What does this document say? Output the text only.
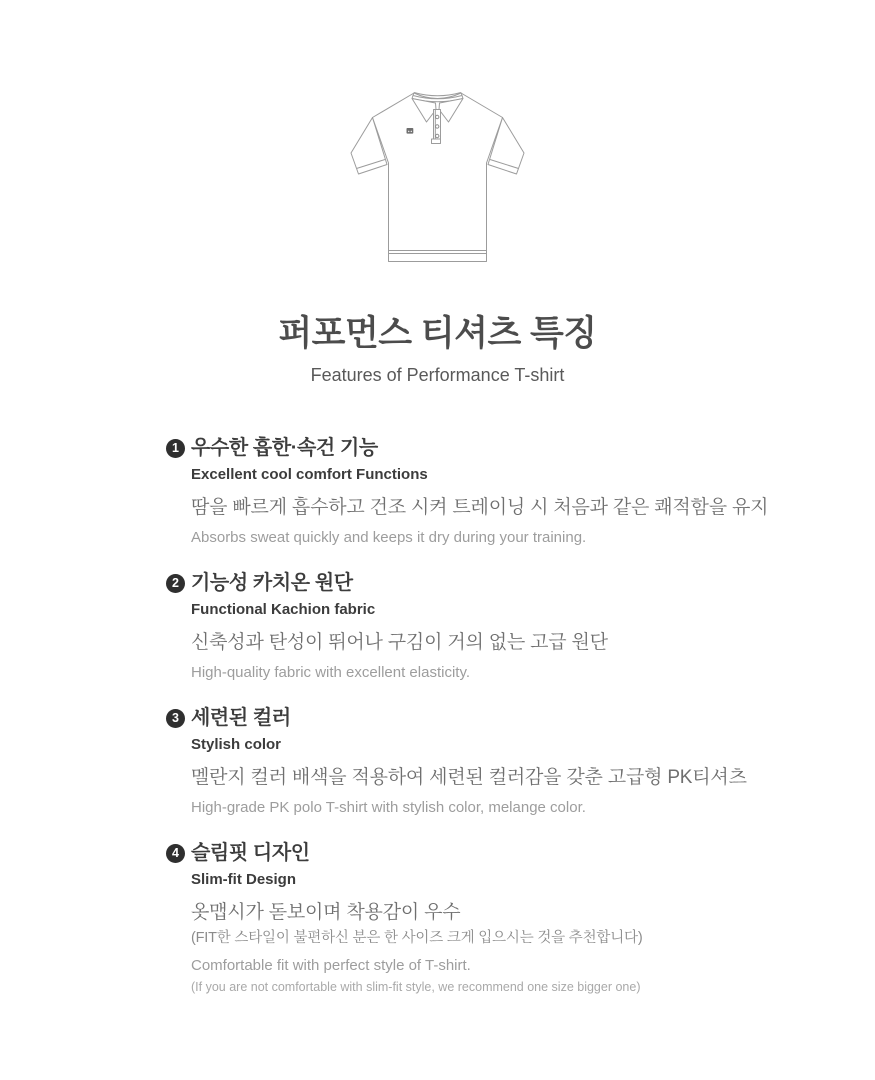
퍼포먼스 티셔츠 특징
Features of Performance T-shirt
1 우수한 흡한·속건 기능
Excellent cool comfort Functions
땀을 빠르게 흡수하고 건조 시켜 트레이닝 시 처음과 같은 쾌적함을 유지
Absorbs sweat quickly and keeps it dry during your training.
2 기능성 카치온 원단
Functional Kachion fabric
신축성과 탄성이 뛰어나 구김이 거의 없는 고급 원단
High-quality fabric with excellent elasticity.
3 세련된 컬러
Stylish color
멜란지 컬러 배색을 적용하여 세련된 컬러감을 갖춘 고급형 PK티셔츠
High-grade PK polo T-shirt with stylish color, melange color.
4 슬림핏 디자인
Slim-fit Design
옷맵시가 돋보이며 착용감이 우수
(FIT한 스타일이 불편하신 분은 한 사이즈 크게 입으시는 것을 추천합니다)
Comfortable fit with perfect style of T-shirt.
(If you are not comfortable with slim-fit style, we recommend one size bigger one)
